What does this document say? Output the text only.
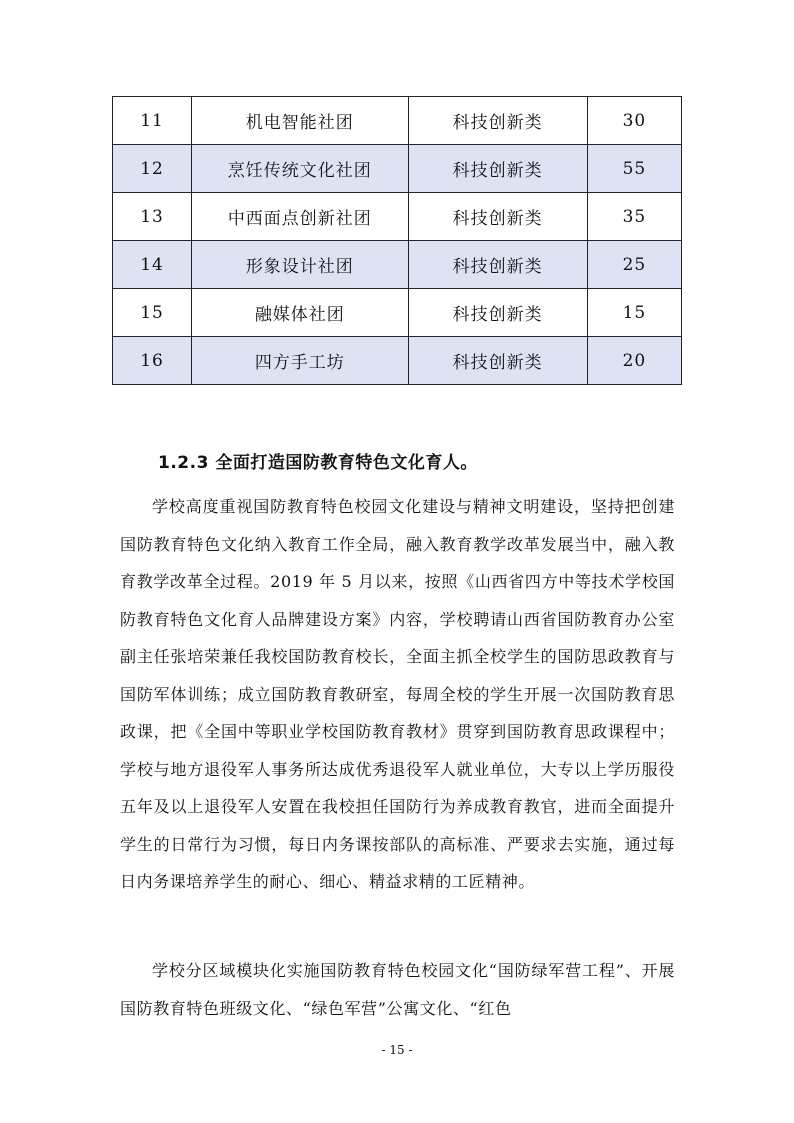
11	机电智能社团	科技创新类	30
12	烹饪传统文化社团	科技创新类	55
13	中西面点创新社团	科技创新类	35
14	形象设计社团	科技创新类	25
15	融媒体社团	科技创新类	15
16	四方手工坊	科技创新类	20
1.2.3 全面打造国防教育特色文化育人。

学校高度重视国防教育特色校园文化建设与精神文明建设，坚持把创建国防教育特色文化纳入教育工作全局，融入教育教学改革发展当中，融入教育教学改革全过程。2019 年 5 月以来，按照《山西省四方中等技术学校国防教育特色文化育人品牌建设方案》内容，学校聘请山西省国防教育办公室副主任张培荣兼任我校国防教育校长，全面主抓全校学生的国防思政教育与国防军体训练；成立国防教育教研室，每周全校的学生开展一次国防教育思政课，把《全国中等职业学校国防教育教材》贯穿到国防教育思政课程中；学校与地方退役军人事务所达成优秀退役军人就业单位，大专以上学历服役五年及以上退役军人安置在我校担任国防行为养成教育教官，进而全面提升学生的日常行为习惯，每日内务课按部队的高标准、严要求去实施，通过每日内务课培养学生的耐心、细心、精益求精的工匠精神。

学校分区域模块化实施国防教育特色校园文化“国防绿军营工程”、开展国防教育特色班级文化、“绿色军营”公寓文化、“红色

- 15 -
